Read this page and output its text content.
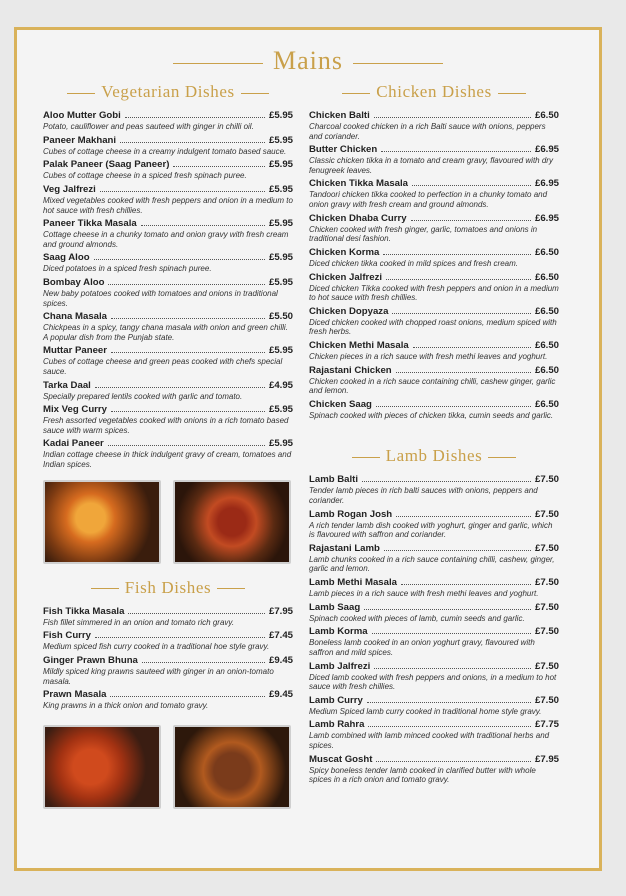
Mains
Vegetarian Dishes
Aloo Mutter Gobi	£5.95
Potato, cauliflower and peas sauteed with ginger in chilli oil.
Paneer Makhani	£5.95
Cubes of cottage cheese in a creamy indulgent tomato based sauce.
Palak Paneer (Saag Paneer)	£5.95
Cubes of cottage cheese in a spiced fresh spinach puree.
Veg Jalfrezi	£5.95
Mixed vegetables cooked with fresh peppers and onion in a medium to hot sauce with fresh chillies.
Paneer Tikka Masala	£5.95
Cottage cheese in a chunky tomato and onion gravy with fresh cream and ground almonds.
Saag Aloo	£5.95
Diced potatoes in a spiced fresh spinach puree.
Bombay Aloo	£5.95
New baby potatoes cooked with tomatoes and onions in traditional spices.
Chana Masala	£5.50
Chickpeas in a spicy, tangy chana masala with onion and green chilli. A popular dish from the Punjab state.
Muttar Paneer	£5.95
Cubes of cottage cheese and green peas cooked with chefs special sauce.
Tarka Daal	£4.95
Specially prepared lentils cooked with garlic and tomato.
Mix Veg Curry	£5.95
Fresh assorted vegetables cooked with onions in a rich tomato based sauce with warm spices.
Kadai Paneer	£5.95
Indian cottage cheese in thick indulgent gravy of cream, tomatoes and Indian spices.
Fish Dishes
Fish Tikka Masala	£7.95
Fish fillet simmered in an onion and tomato rich gravy.
Fish Curry	£7.45
Medium spiced fish curry cooked in a traditional hoe style gravy.
Ginger Prawn Bhuna	£9.45
Mildly spiced king prawns sauteed with ginger in an onion-tomato masala.
Prawn Masala	£9.45
King prawns in a thick onion and tomato gravy.
Chicken Dishes
Chicken Balti	£6.50
Charcoal cooked chicken in a rich Balti sauce with onions, peppers and coriander.
Butter Chicken	£6.95
Classic chicken tikka in a tomato and cream gravy, flavoured with dry fenugreek leaves.
Chicken Tikka Masala	£6.95
Tandoori chicken tikka cooked to perfection in a chunky tomato and onion gravy with fresh cream and ground almonds.
Chicken Dhaba Curry	£6.95
Chicken cooked with fresh ginger, garlic, tomatoes and onions in traditional desi fashion.
Chicken Korma	£6.50
Diced chicken tikka cooked in mild spices and fresh cream.
Chicken Jalfrezi	£6.50
Diced chicken Tikka cooked with fresh peppers and onion in a medium to hot sauce with fresh chillies.
Chicken Dopyaza	£6.50
Diced chicken cooked with chopped roast onions, medium spiced with fresh herbs.
Chicken Methi Masala	£6.50
Chicken pieces in a rich sauce with fresh methi leaves and yoghurt.
Rajastani Chicken	£6.50
Chicken cooked in a rich sauce containing chilli, cashew ginger, garlic and lemon.
Chicken Saag	£6.50
Spinach cooked with pieces of chicken tikka, cumin seeds and garlic.
Lamb Dishes
Lamb Balti	£7.50
Tender lamb pieces in rich balti sauces with onions, peppers and coriander.
Lamb Rogan Josh	£7.50
A rich tender lamb dish cooked with yoghurt, ginger and garlic, which is flavoured with saffron and coriander.
Rajastani Lamb	£7.50
Lamb chunks cooked in a rich sauce containing chilli, cashew, ginger, garlic and lemon.
Lamb Methi Masala	£7.50
Lamb pieces in a rich sauce with fresh methi leaves and yoghurt.
Lamb Saag	£7.50
Spinach cooked with pieces of lamb, cumin seeds and garlic.
Lamb Korma	£7.50
Boneless lamb cooked in an onion yoghurt gravy, flavoured with saffron and mild spices.
Lamb Jalfrezi	£7.50
Diced lamb cooked with fresh peppers and onions, in a medium to hot sauce with fresh chillies.
Lamb Curry	£7.50
Medium Spiced lamb curry cooked in traditional home style gravy.
Lamb Rahra	£7.75
Lamb combined with lamb minced cooked with traditional herbs and spices.
Muscat Gosht	£7.95
Spicy boneless tender lamb cooked in clarified butter with whole spices in a rich onion and tomato gravy.
